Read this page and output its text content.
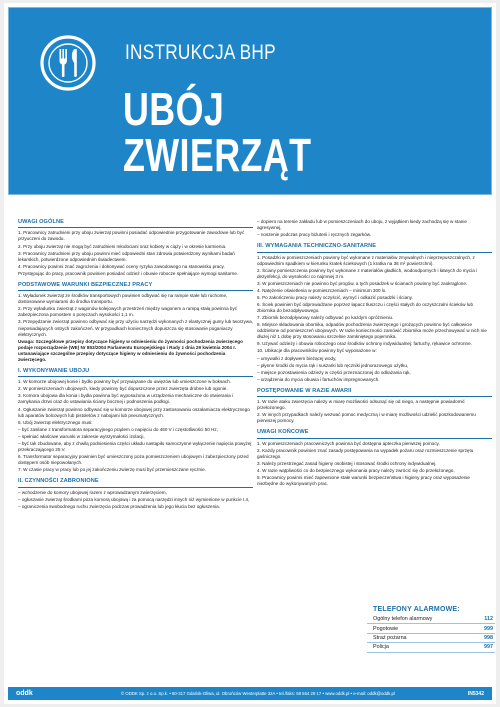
INSTRUKCJA BHP
UBÓJ ZWIERZĄT
UWAGI OGÓLNE

1. Pracownicy zatrudnieni przy uboju zwierząt powinni posiadać odpowiednie przygotowanie zawodowe lub być przyuczeni do zawodu.

2. Przy uboju zwierząt nie mogą być zatrudnieni młodociani oraz kobiety w ciąży i w okresie karmienia.

3. Pracownicy zatrudnieni przy uboju powinni mieć odpowiedni stan zdrowia potwierdzony wynikami badań lekarskich, potwierdzone odpowiednim świadectwem.

4. Pracownicy powinni znać zagrożenia i dokonywać oceny ryzyka zawodowego na stanowisku pracy.

Przystępując do pracy, pracownik powinien posiadać odzież i obuwie robocze spełniające wymogi sanitarne.

PODSTAWOWE WARUNKI BEZPIECZNEJ PRACY

1. Wyładunek zwierząt ze środków transportowych powinien odbywać się na rampie stałe lub ruchome, dostosowane wymiarami do środka transportu.

2. Przy wyładunku zwierząt z wagonów kolejowych przestrzeń między wagonem a rampą stałą powinna być zabezpieczona pomostem o poręczach wysokości 1,1 m.

3. Przepędzanie zwierząt powinno odbywać się przy użyciu narzędzi wykonanych z elastycznej gumy lub tworzywa, nieposiadających ostrych zakończeń. W przypadkach koniecznych dopuszcza się stosowanie poganiaczy elektrycznych.

Uwaga: Szczegółowe przepisy dotyczące higieny w odniesieniu do żywności pochodzenia zwierzęcego podaje rozporządzenie (WE) Nr 853/2004 Parlamentu Europejskiego i Rady z dnia 29 kwietnia 2004 r. ustanawiające szczególne przepisy dotyczące higieny w odniesieniu do żywności pochodzenia zwierzęcego.

I. WYKONYWANIE UBOJU

1. W komorze ubojowej konie i bydło powinny być przywiązane do uwięzów lub umieszczone w boksach.

2. W pomieszczeniach ubojowych, kiedy powinny być dopuszczone przez zwierzęta drobne lub ogonie.

3. Komora ubojowa dla konia i bydła powinna być wyposażona w urządzenia mechaniczne do otwierania i zamykania drzwi oraz do ustawiania ściany bocznej i podnoszenia podłogi.

4. Ogłuszanie zwierząt powinno odbywać się w komorze ubojowej przy zastosowaniu oszałamiacza elektrycznego lub aparatów bolcowych lub pistoletów z nabojami lub pneumatycznych.

5. Ubój zwierząt elektrycznego musi:

– być zasilane z transformatora separacyjnego prądem o napięciu do 460 V i częstotliwości 50 Hz,

– spełniać właściwe warunki w zakresie wytrzymałości izolacji,

– być tak zbudowane, aby z chwilą podniesienia części układu nastąpiło samoczynne wyłączenie napięcia powyżej przekraczającego 25 V.

6. Transformator separacyjny powinien być umieszczony poza pomieszczeniem ubojowym i zabezpieczony przed dostępem osób niepowołanych.

7. W czasie pracy w pracy lub po jej zakończeniu zwierzę musi być przemieszczane ręcznie.

II. CZYNNOŚCI ZABRONIONE

– wchodzenie do komory ubojowej razem z wprowadzanym zwierzęciem,

– ogłuszanie zwierząt środkami poza komorą ubojową i za pomocą narzędzi innych niż wymienione w punkcie I.4,

– ograniczenia swobodnego ruchu zwierzęcia podczas prowadzenia lub jego kłucia bez ogłuszenia.

– dopiero na terenie zakładu lub w pomieszczeniach do uboju, z wyjątkiem kiedy zachodzą się w stanie agresywnej,

– noszenie podczas pracy biżuterii i ręcznych zegarków.

III. WYMAGANIA TECHNICZNO-SANITARNE

1. Posadzki w pomieszczeniach powinny być wykonane z materiałów zmywalnych i nieprzepuszczalnych, z odpowiednim spadkiem w kierunku kratek ściekowych (1 kratka na 36 m² powierzchni).

2. Ściany pomieszczenia powinny być wykonane z materiałów gładkich, wodoodpornych i łatwych do mycia i dezynfekcji, do wysokości co najmniej 3 m.

3. W pomieszczeniach nie powinno być progów, a tych posadzek w ścianach powinny być zaokrąglone.

4. Natężenie oświetlenia w pomieszczeniach – minimum 300 lx.

5. Po zakończeniu pracy należy oczyścić, wymyć i odkazić posadzki i ściany.

6. Ściek powinien być odprowadzane poprzez łapacz tłuszczu i części stałych do oczyszczalni ścieków lub zbiornika do bezodpływowego.

7. Zbiornik bezodpływowy należy odbywać po każdym opróżnieniu.

8. Miejsce składowania obornika, odpadów pochodzenia zwierzęcego i grożących powinno być całkowicie oddzielone od pomieszczeń ubojowych. W razie konieczności zamówić zbiornika może przechowywać w nich nie dłużej niż 1 dobę przy stosowaniu szczelnie zamkniętego pojemnika.

9. Używać odzieży i obuwia roboczego oraz środków ochrony indywidualnej: fartuchy, rękawice ochronne.

10. Ubikacje dla pracowników powinny być wyposażone w:

– umywalki z dopływem bieżącej wody,

– płynne środki do mycia rąk i suszarki lub ręczniki jednorazowego użytku,

– miejsce pozostawienia odzieży w części przeznaczonej do odkażania rąk,

– urządzenia do mycia obuwia i fartuchów impregnowanych.

POSTĘPOWANIE W RAZIE AWARII

1. W razie ataku zwierzęcia należy w miarę możliwości odsunąć się od niego, a następnie powiadomić przełożonego.

2. W innych przypadkach należy wezwać pomoc medyczną i w miarę możliwości udzielić poszkodowanemu pierwszej pomocy.

UWAGI KOŃCOWE

1. W pomieszczeniach pracowniczych powinna być dostępna apteczka pierwszej pomocy.

2. Każdy pracownik powinien znać zasady postępowania na wypadek pożaru oraz rozmieszczenie sprzętu gaśniczego.

3. Należy przestrzegać zasad higieny osobistej i stosować środki ochrony indywidualnej.

4. W razie wątpliwości co do bezpiecznego wykonania pracy należy zwrócić się do przełożonego.

5. Pracownicy powinni mieć zapewnione stałe warunki bezpieczeństwa i higieny pracy oraz wyposażenie niezbędne do wykonywanych prac.

TELEFONY ALARMOWE:
Ogólny telefon alarmowy	112
Pogotowie	999
Straż pożarna	998
Policja	997
oddk	© ODDK Sp. z o.o. Sp.k. • 80-317 Gdańsk-Oliwa, ul. Obrońców Westerplatte 32A • tel./faks: 58 554 29 17 • www.oddk.pl • e-mail: oddk@oddk.pl	IN5342
